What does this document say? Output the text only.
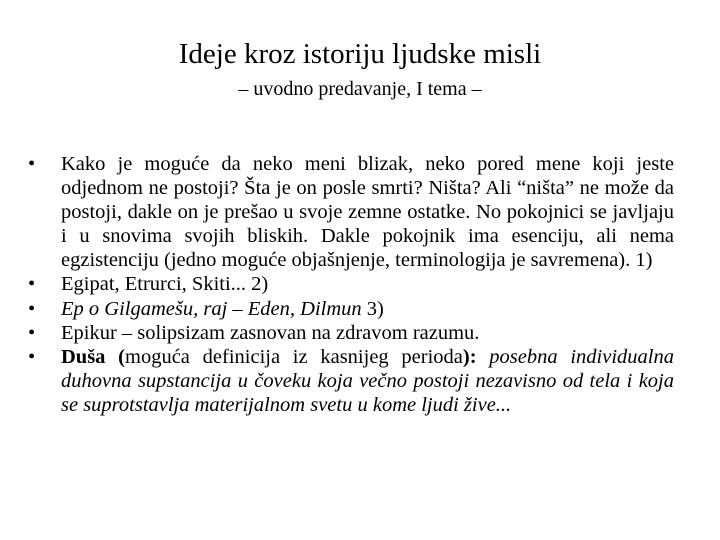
Ideje kroz istoriju ljudske misli
– uvodno predavanje, I tema –
•	Kako je moguće da neko meni blizak, neko pored mene koji jeste odjednom ne postoji? Šta je on posle smrti? Ništa? Ali “ništa” ne može da postoji, dakle on je prešao u svoje zemne ostatke. No pokojnici se javljaju i u snovima svojih bliskih. Dakle pokojnik ima esenciju, ali nema egzistenciju (jedno moguće objašnjenje, terminologija je savremena). 1)
•	Egipat, Etrurci, Skiti... 2)
•	Ep o Gilgamešu, raj – Eden, Dilmun 3)
•	Epikur – solipsizam zasnovan na zdravom razumu.
•	Duša (moguća definicija iz kasnijeg perioda): posebna individualna duhovna supstancija u čoveku koja večno postoji nezavisno od tela i koja se suprotstavlja materijalnom svetu u kome ljudi žive...
